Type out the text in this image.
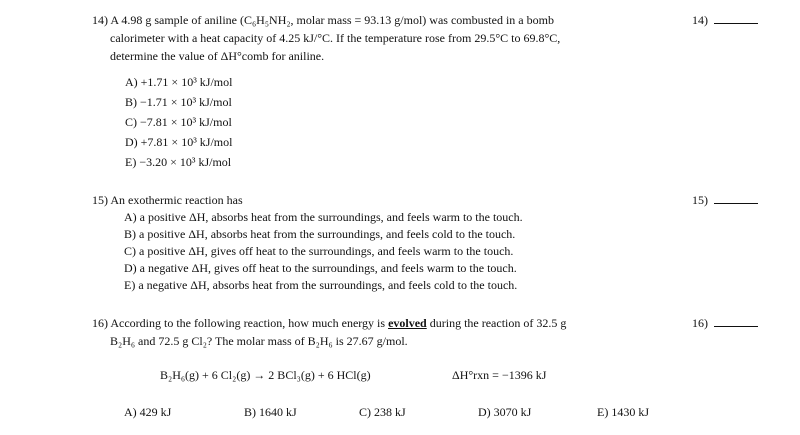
14) A 4.98 g sample of aniline (C₆H₅NH₂, molar mass = 93.13 g/mol) was combusted in a bomb
calorimeter with a heat capacity of 4.25 kJ/°C. If the temperature rose from 29.5°C to 69.8°C,
determine the value of ΔH°comb for aniline.
A) +1.71 × 10³ kJ/mol
B) −1.71 × 10³ kJ/mol
C) −7.81 × 10³ kJ/mol
D) +7.81 × 10³ kJ/mol
E) −3.20 × 10³ kJ/mol
14)
15) An exothermic reaction has
A) a positive ΔH, absorbs heat from the surroundings, and feels warm to the touch.
B) a positive ΔH, absorbs heat from the surroundings, and feels cold to the touch.
C) a positive ΔH, gives off heat to the surroundings, and feels warm to the touch.
D) a negative ΔH, gives off heat to the surroundings, and feels warm to the touch.
E) a negative ΔH, absorbs heat from the surroundings, and feels cold to the touch.
15)
16) According to the following reaction, how much energy is evolved during the reaction of 32.5 g
B₂H₆ and 72.5 g Cl₂? The molar mass of B₂H₆ is 27.67 g/mol.
B₂H₆(g) + 6 Cl₂(g) → 2 BCl₃(g) + 6 HCl(g)	ΔH°rxn = −1396 kJ
A) 429 kJ	B) 1640 kJ	C) 238 kJ	D) 3070 kJ	E) 1430 kJ
16)
